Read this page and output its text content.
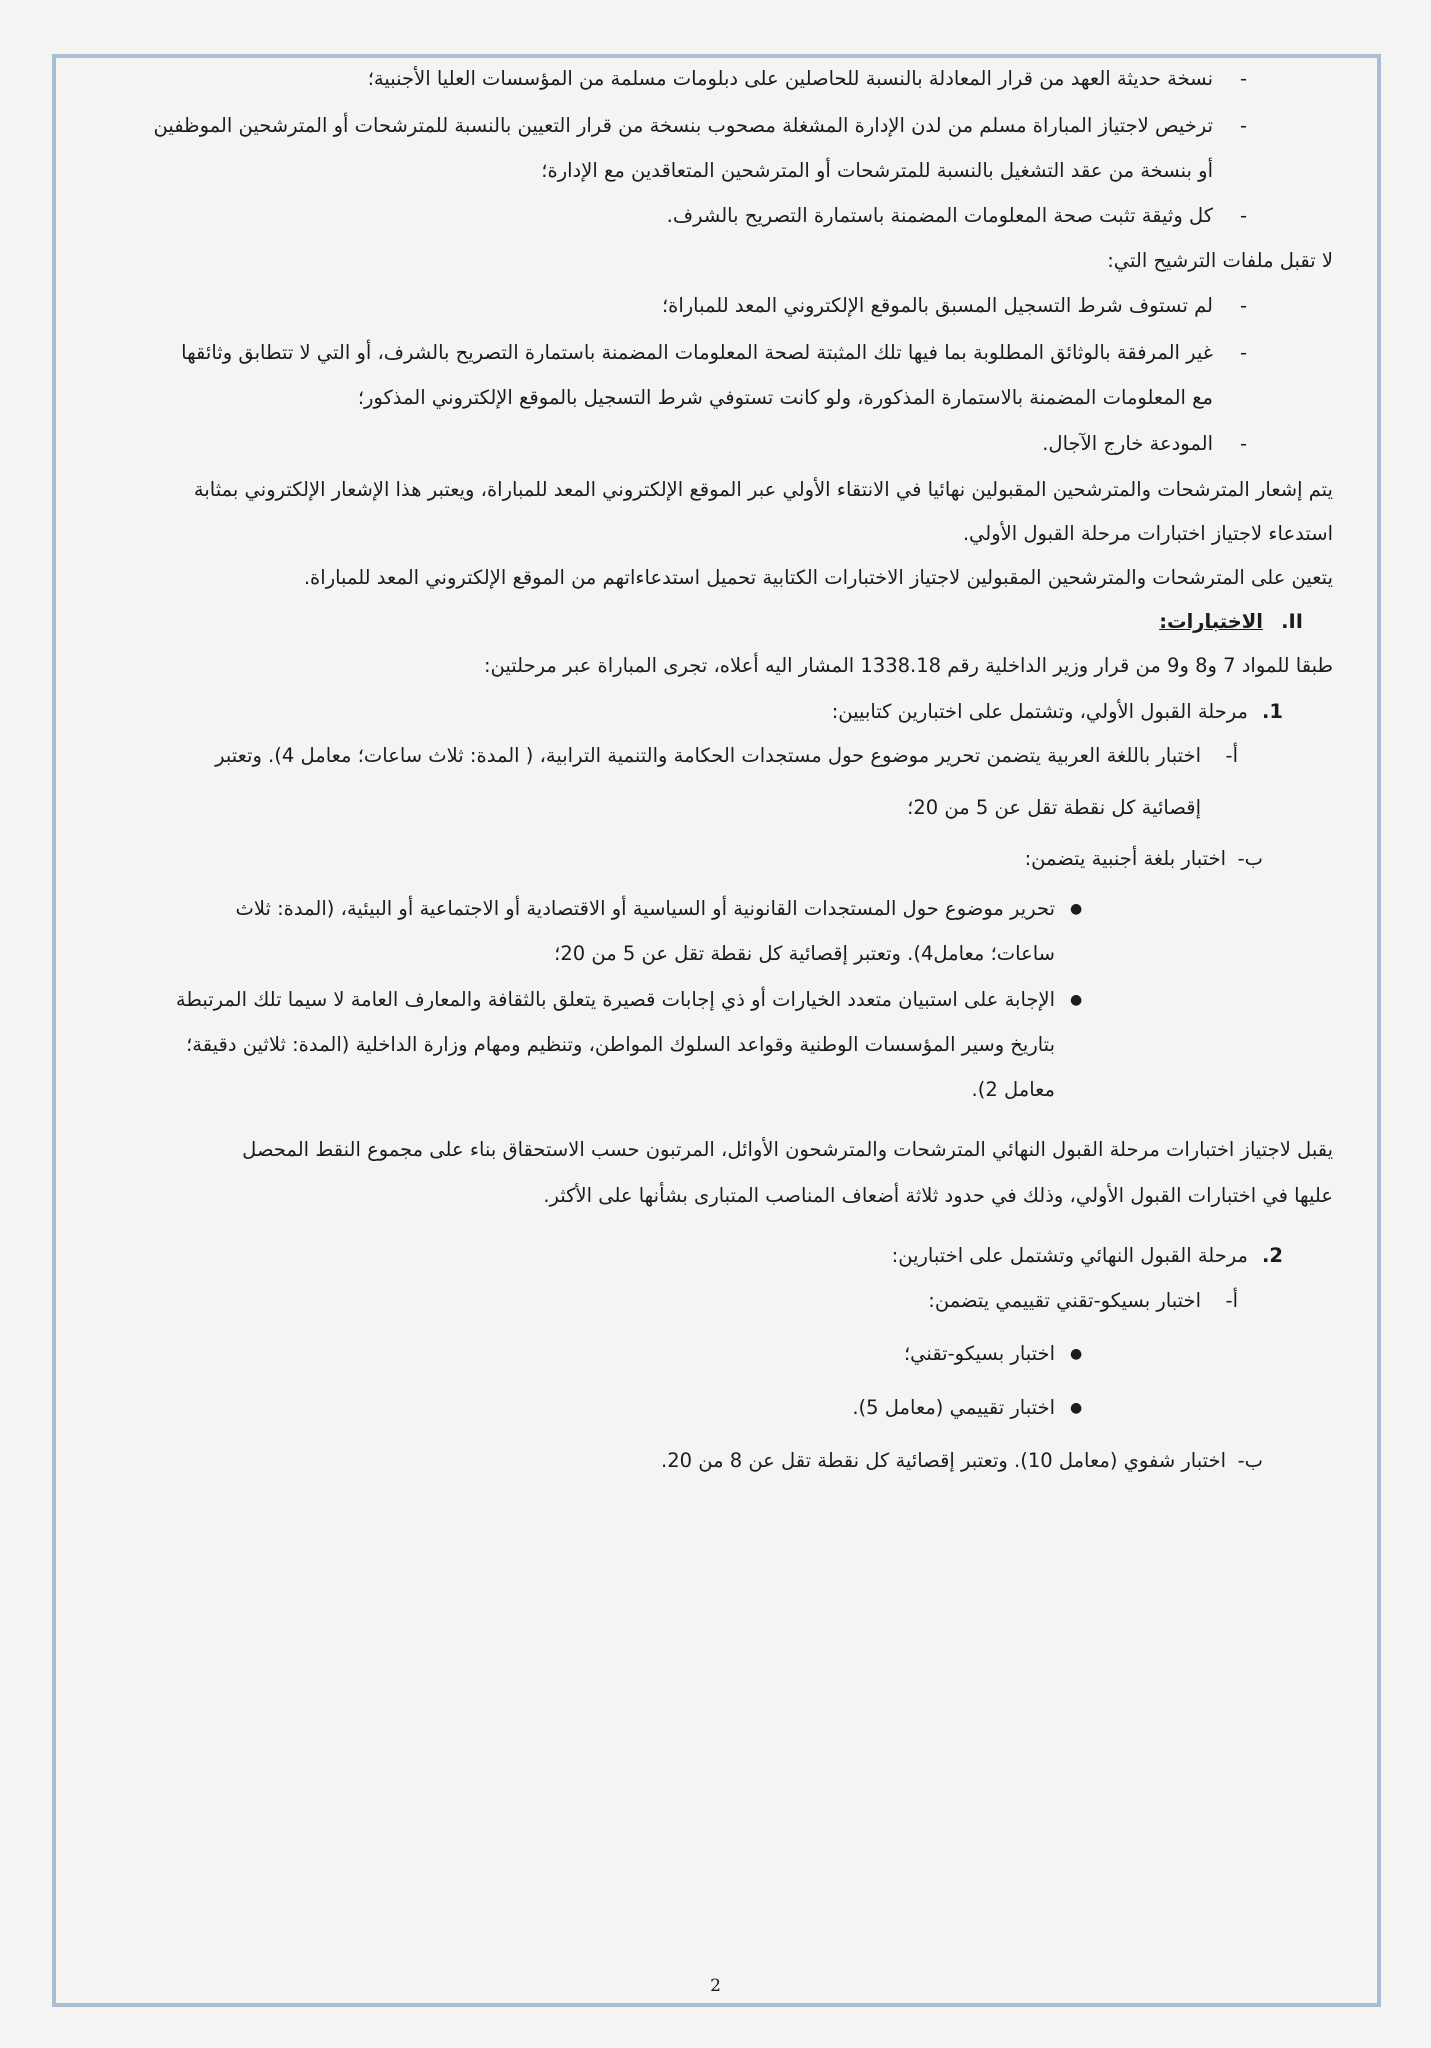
-
-
-
-
-
-
نسخة حديثة العهد من قرار المعادلة بالنسبة للحاصلين على دبلومات مسلمة من المؤسسات العليا الأجنبية؛
ترخيص لاجتياز المباراة مسلم من لدن الإدارة المشغلة مصحوب بنسخة من قرار التعيين بالنسبة للمترشحات أو المترشحين الموظفين
أو بنسخة من عقد التشغيل بالنسبة للمترشحات أو المترشحين المتعاقدين مع الإدارة؛
كل وثيقة تثبت صحة المعلومات المضمنة باستمارة التصريح بالشرف.
لا تقبل ملفات الترشيح التي:
لم تستوف شرط التسجيل المسبق بالموقع الإلكتروني المعد للمباراة؛
غير المرفقة بالوثائق المطلوبة بما فيها تلك المثبتة لصحة المعلومات المضمنة باستمارة التصريح بالشرف، أو التي لا تتطابق وثائقها
مع المعلومات المضمنة بالاستمارة المذكورة، ولو كانت تستوفي شرط التسجيل بالموقع الإلكتروني المذكور؛
المودعة خارج الآجال.
يتم إشعار المترشحات والمترشحين المقبولين نهائيا في الانتقاء الأولي عبر الموقع الإلكتروني المعد للمباراة، ويعتبر هذا الإشعار الإلكتروني بمثابة
استدعاء لاجتياز اختبارات مرحلة القبول الأولي.
يتعين على المترشحات والمترشحين المقبولين لاجتياز الاختبارات الكتابية تحميل استدعاءاتهم من الموقع الإلكتروني المعد للمباراة.
II.
الاختبارات:
طبقا للمواد 7 و8 و9 من قرار وزير الداخلية رقم 1338.18 المشار اليه أعلاه، تجرى المباراة عبر مرحلتين:
1.
مرحلة القبول الأولي، وتشتمل على اختبارين كتابيين:
أ-
اختبار باللغة العربية يتضمن تحرير موضوع حول مستجدات الحكامة والتنمية الترابية، ( المدة: ثلاث ساعات؛ معامل 4). وتعتبر
إقصائية كل نقطة تقل عن 5 من 20؛
ب-
اختبار بلغة أجنبية يتضمن:
●
تحرير موضوع حول المستجدات القانونية أو السياسية أو الاقتصادية أو الاجتماعية أو البيئية، (المدة: ثلاث
ساعات؛ معامل4). وتعتبر إقصائية كل نقطة تقل عن 5 من 20؛
●
الإجابة على استبيان متعدد الخيارات أو ذي إجابات قصيرة يتعلق بالثقافة والمعارف العامة لا سيما تلك المرتبطة
بتاريخ وسير المؤسسات الوطنية وقواعد السلوك المواطن، وتنظيم ومهام وزارة الداخلية (المدة: ثلاثين دقيقة؛
معامل 2).
يقبل لاجتياز اختبارات مرحلة القبول النهائي المترشحات والمترشحون الأوائل، المرتبون حسب الاستحقاق بناء على مجموع النقط المحصل
عليها في اختبارات القبول الأولي، وذلك في حدود ثلاثة أضعاف المناصب المتبارى بشأنها على الأكثر.
2.
مرحلة القبول النهائي وتشتمل على اختبارين:
أ-
اختبار بسيكو-تقني تقييمي يتضمن:
●
اختبار بسيكو-تقني؛
●
اختبار تقييمي (معامل 5).
ب-
اختبار شفوي (معامل 10). وتعتبر إقصائية كل نقطة تقل عن 8 من 20.
2
